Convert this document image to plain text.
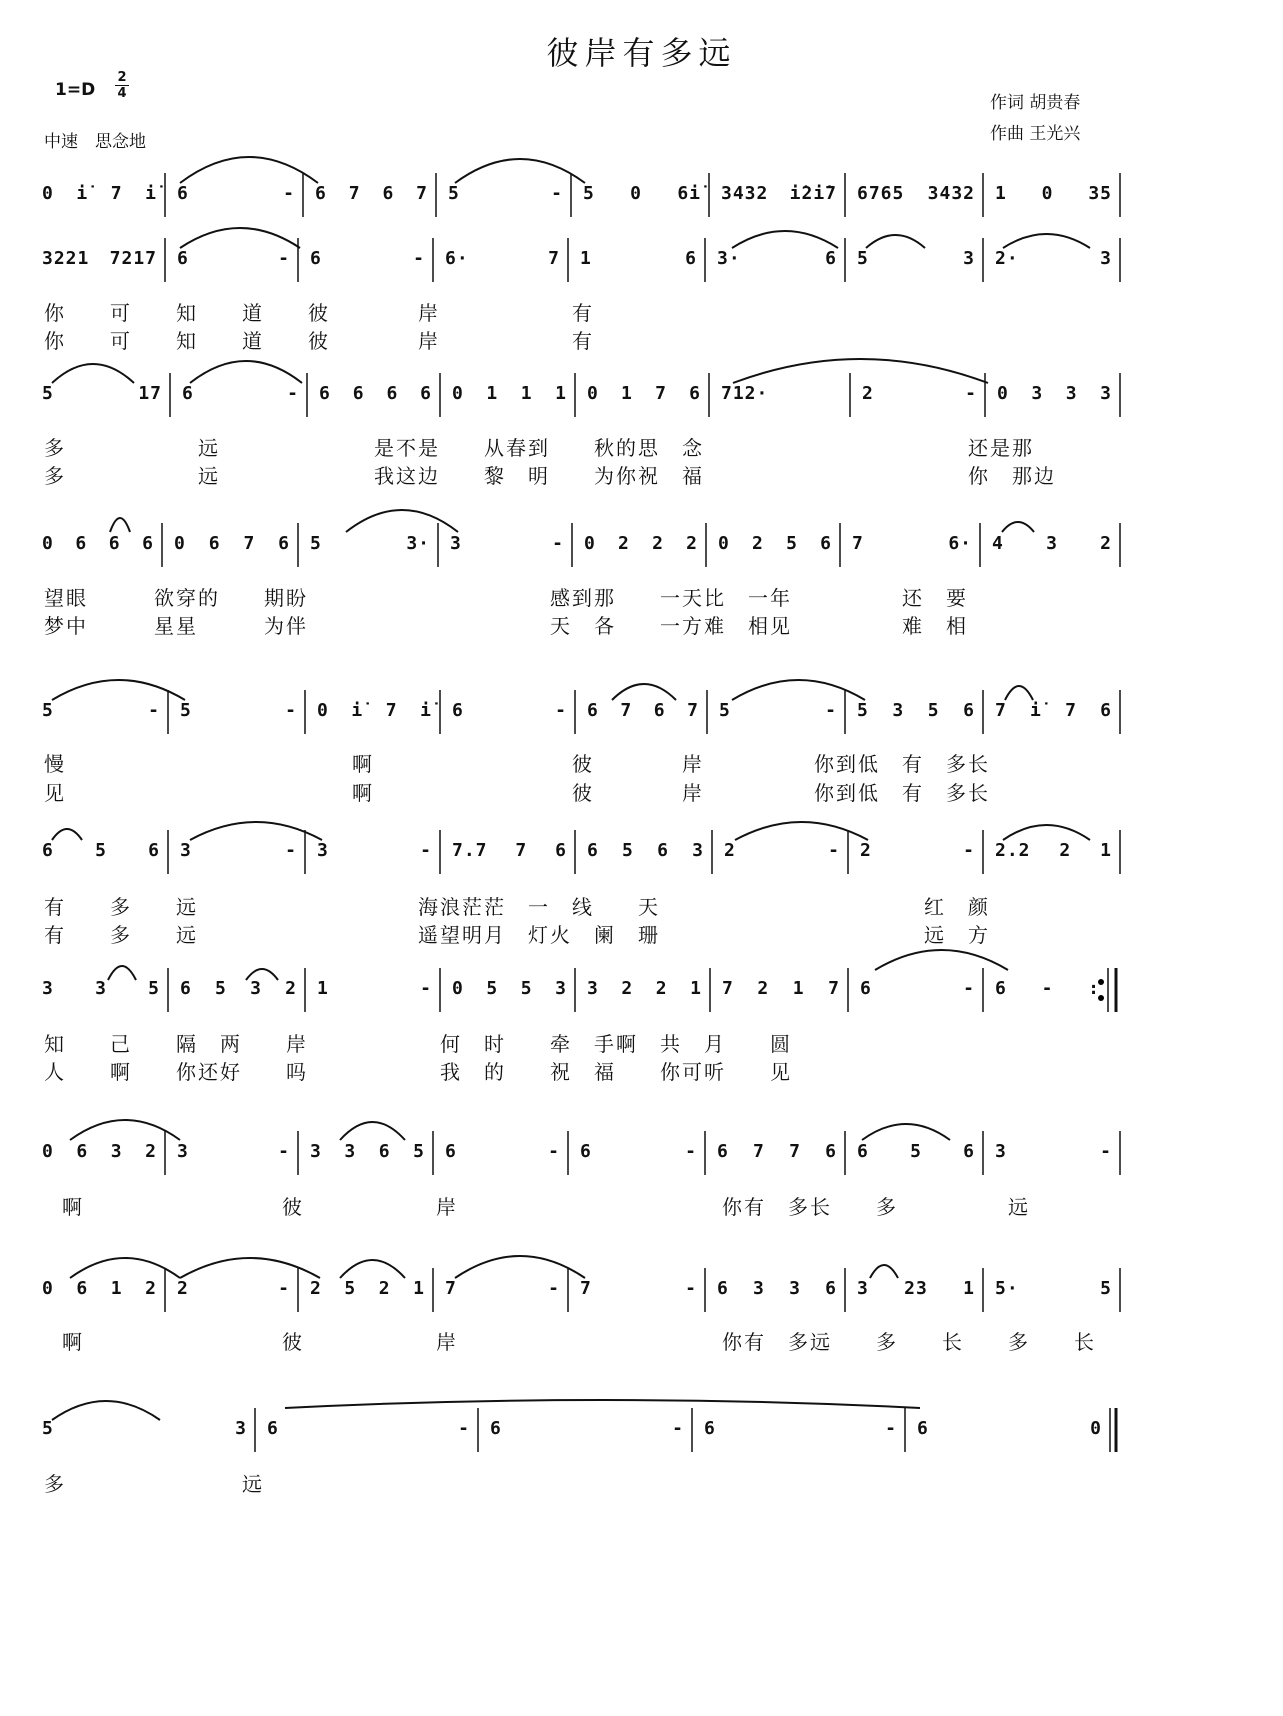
彼岸有多远
1=D
2
4
中速　思念地
作词 胡贵春
作曲 王光兴
0 i̇ 7 i̇ 6	- 6 7 6 7 5	- 5 0 6i̇ 3432 i̇2i̇7 6765 3432 1 0 35
3221 7217 6	- 6	- 6·	7 1	6 3·	6 5	3 2·	3
你　　可　　知　　道　　彼　　　　岸　　　　　　有
你　　可　　知　　道　　彼　　　　岸　　　　　　有
5	17 6	- 6 6 6 6 0 1 1 1 0 1 7 6 712·	2	- 0 3 3 3
多　　　　　　远　　　　　　　是不是　　从春到　　秋的思　念　　　　　　　　　　　　还是那
多　　　　　　远　　　　　　　我这边　　黎　明　　为你祝　福　　　　　　　　　　　　你　那边
0 6 6 6 0 6 7 6 5	3· 3	- 0 2 2 2 0 2 5 6 7	6· 4 3 2
望眼　　　欲穿的　　期盼　　　　　　　　　　　感到那　　一天比　一年　　　　　还　要
梦中　　　星星　　　为伴　　　　　　　　　　　天　各　　一方难　相见　　　　　难　相
5	- 5	- 0 i̇ 7 i̇ 6	- 6 7 6 7 5	- 5 3 5 6 7 i̇ 7 6
慢　　　　　　　　　　　　　啊　　　　　　　　　彼　　　　岸　　　　　你到低　有　多长
见　　　　　　　　　　　　　啊　　　　　　　　　彼　　　　岸　　　　　你到低　有　多长
6 5 6 3	- 3	- 7.7 7 6 6 5 6 3 2	- 2	- 2.2 2 1
有　　多　　远　　　　　　　　　　海浪茫茫　一　线　　天　　　　　　　　　　　　红　颜
有　　多　　远　　　　　　　　　　遥望明月　灯火　阑　珊　　　　　　　　　　　　远　方
3 3 5 6 5 3 2 1	- 0 5 5 3 3 2 2 1 7 2 1 7 6	- 6 - :
知　　己　　隔　两　　岸　　　　　　何　时　　牵　手啊　共　月　　圆
人　　啊　　你还好　　吗　　　　　　我　的　　祝　福　　你可听　　见
0 6 3 2 3	- 3 3 6 5 6	- 6	- 6 7 7 6 6 5 6 3	-
啊　　　　　　　　　彼　　　　　　岸　　　　　　　　　　　　你有　多长　　多　　　　　远
0 6 1 2 2	- 2 5 2 1 7	- 7	- 6 3 3 6 3 23 1 5·	5
啊　　　　　　　　　彼　　　　　　岸　　　　　　　　　　　　你有　多远　　多　　长　　多　　长
5	3 6	- 6	- 6	- 6	0
多　　　　　　　　远
